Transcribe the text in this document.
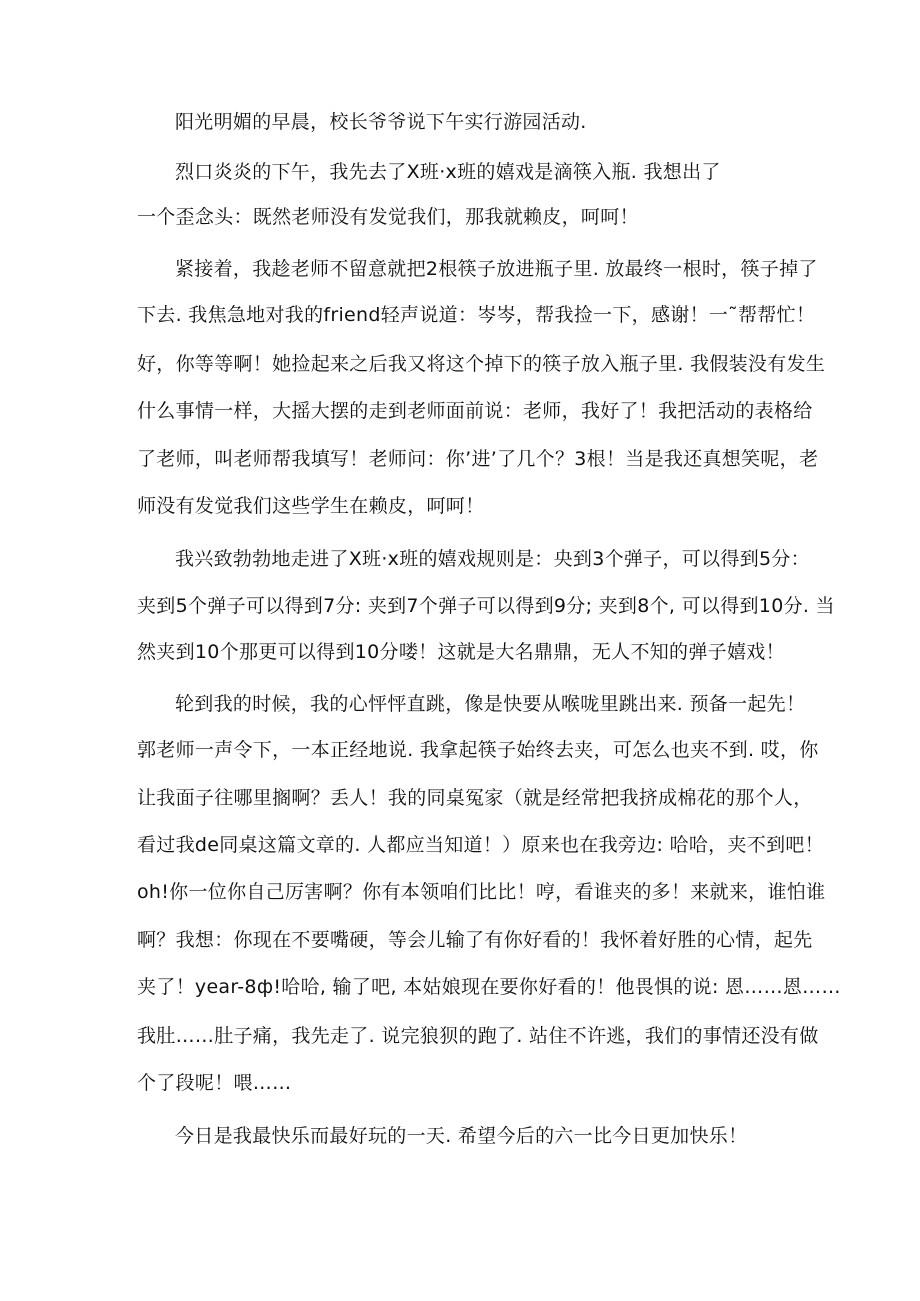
阳光明媚的早晨，校长爷爷说下午实行游园活动.
烈口炎炎的下午，我先去了X班·x班的嬉戏是滴筷入瓶. 我想出了
一个歪念头：既然老师没有发觉我们，那我就赖皮，呵呵！
紧接着，我趁老师不留意就把2根筷子放进瓶子里. 放最终一根时，筷子掉了
下去. 我焦急地对我的friend轻声说道：岑岑，帮我捡一下，感谢！一˜帮帮忙！
好，你等等啊！她捡起来之后我又将这个掉下的筷子放入瓶子里. 我假装没有发生
什么事情一样，大摇大摆的走到老师面前说：老师，我好了！我把活动的表格给
了老师，叫老师帮我填写！老师问：你’进’了几个？3根！当是我还真想笑呢，老
师没有发觉我们这些学生在赖皮，呵呵！
我兴致勃勃地走进了X班·x班的嬉戏规则是：央到3个弹子，可以得到5分：
夹到5个弹子可以得到7分: 夹到7个弹子可以得到9分; 夹到8个, 可以得到10分. 当
然夹到10个那更可以得到10分喽！这就是大名鼎鼎，无人不知的弹子嬉戏！
轮到我的时候，我的心怦怦直跳，像是快要从喉咙里跳出来. 预备一起先！
郭老师一声令下，一本正经地说. 我拿起筷子始终去夹，可怎么也夹不到. 哎，你
让我面子往哪里搁啊？丢人！我的同桌冤家（就是经常把我挤成棉花的那个人，
看过我de同桌这篇文章的. 人都应当知道！）原来也在我旁边: 哈哈，夹不到吧！
oh!你一位你自己厉害啊？你有本领咱们比比！哼，看谁夹的多！来就来，谁怕谁
啊？我想：你现在不要嘴硬，等会儿输了有你好看的！我怀着好胜的心情，起先
夹了！year-8ф!哈哈, 输了吧, 本姑娘现在要你好看的！他畏惧的说: 恩……恩……
我肚……肚子痛，我先走了. 说完狼狈的跑了. 站住不许逃，我们的事情还没有做
个了段呢！喂……
今日是我最快乐而最好玩的一天. 希望今后的六一比今日更加快乐！
